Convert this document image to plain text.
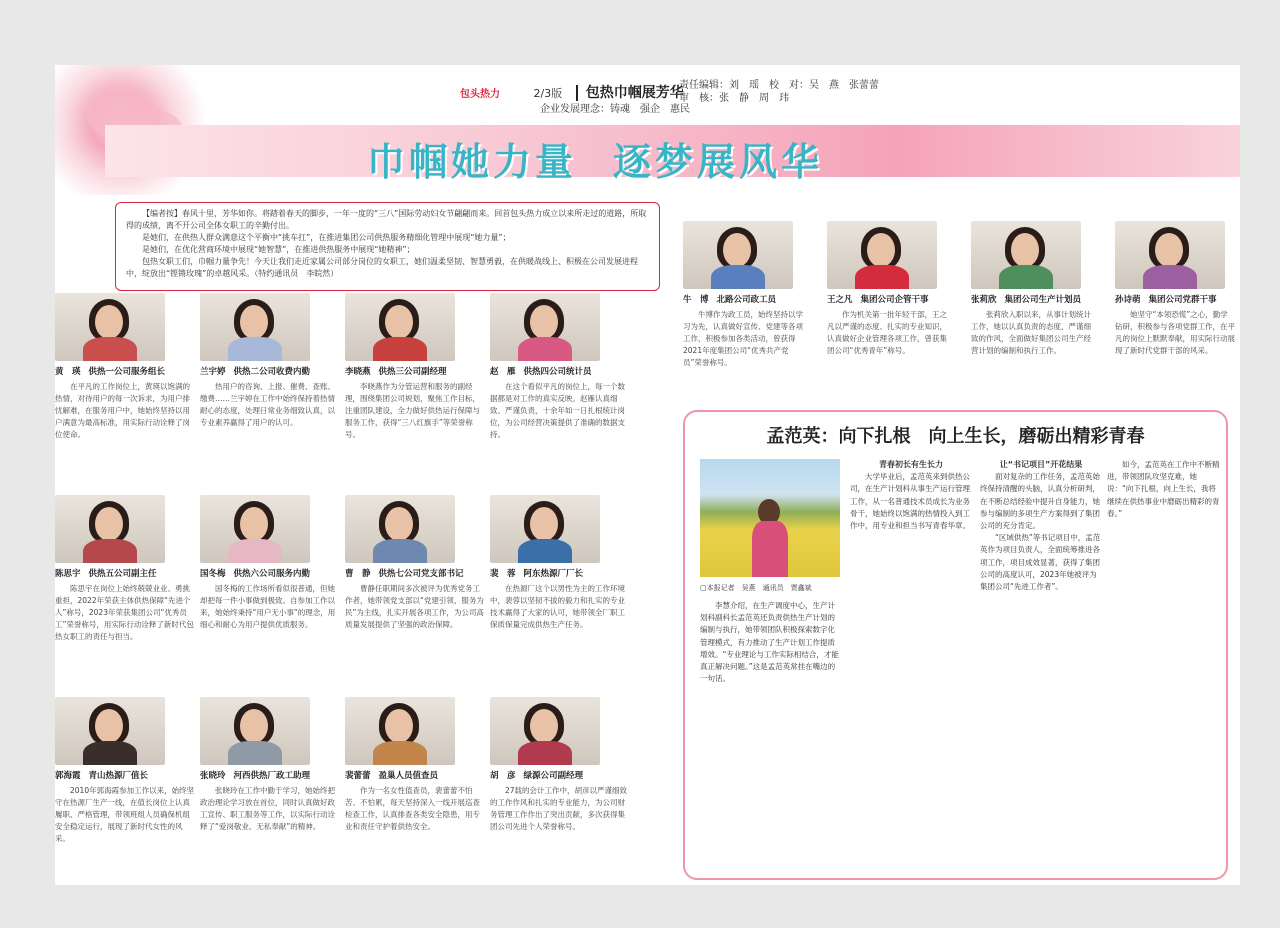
包头热力	2/3版 包热巾帼展芳华
企业发展理念：铸魂　强企　惠民
责任编辑：刘　瑶　校　对：吴　燕　张蕾蕾
审　核：张　静　周　玮
巾帼她力量 逐梦展风华

【编者按】春风十里，芳华如你。将踏着春天的脚步，一年一度的“三八”国际劳动妇女节翩翩而来。回首包头热力成立以来所走过的道路，所取得的成绩，离不开公司全体女职工的辛勤付出。

是她们，在供热人群众满意这个平衡中“挑车扛”，在推进集团公司供热服务精细化管理中展现“她力量”；

是她们，在优化营商环境中展现“她智慧”，在推进供热服务中展现“她精神”；

包热女职工们，巾帼力量争先！今天让我们走近家属公司部分岗位的女职工，她们温柔坚韧、智慧勇毅，在供暖战线上、积极在公司发展进程中，绽放出“铿锵玫瑰”的卓越风采。（特约通讯员　李皖然）

黄　瑛 供热一公司服务组长
在平凡的工作岗位上，黄瑛以饱满的热情，对待用户的每一次诉求，为用户排忧解难，在服务用户中，她始终坚持以用户满意为最高标准，用实际行动诠释了岗位使命。
兰宇婷 供热二公司收费内勤
热用户的咨询、上报、催费、查账、缴费……兰宇婷在工作中始终保持着热情耐心的态度，处理日常业务细致认真，以专业素养赢得了用户的认可。
李晓燕 供热三公司副经理
李晓燕作为分管运营和服务的副经理，围绕集团公司规划，聚焦工作目标，注重团队建设，全力做好供热运行保障与服务工作，获得“三八红旗手”等荣誉称号。
赵　雁 供热四公司统计员
在这个看似平凡的岗位上，每一个数据都是对工作的真实反映。赵雁认真细致、严谨负责，十余年如一日扎根统计岗位，为公司经营决策提供了准确的数据支持。
陈思宇 供热五公司副主任
陈思宇在岗位上始终兢兢业业、勇挑重担，2022年荣获主体供热保障“先进个人”称号，2023年荣获集团公司“优秀员工”荣誉称号，用实际行动诠释了新时代包热女职工的责任与担当。
国冬梅 供热六公司服务内勤
国冬梅的工作场所看似很普通，但她却把每一件小事做到极致。自参加工作以来，她始终秉持“用户无小事”的理念，用细心和耐心为用户提供优质服务。
曹　静 供热七公司党支部书记
曹静任职期间多次被评为优秀党务工作者，她带领党支部以“党建引领、服务为民”为主线，扎实开展各项工作，为公司高质量发展提供了坚强的政治保障。
裴　蓉 阿东热源厂厂长
在热源厂这个以男性为主的工作环境中，裴蓉以坚韧不拔的毅力和扎实的专业技术赢得了大家的认可，她带领全厂职工保质保量完成供热生产任务。
郭海霞 青山热源厂值长
2010年郭海霞参加工作以来，始终坚守在热源厂生产一线，在值长岗位上认真履职、严格管理，带领班组人员确保机组安全稳定运行，展现了新时代女性的风采。
张晓玲 河西供热厂政工助理
张晓玲在工作中勤于学习，她始终把政治理论学习放在首位，同时认真做好政工宣传、职工服务等工作，以实际行动诠释了“爱岗敬业、无私奉献”的精神。
裴蕾蕾 盈巢人员值查员
作为一名女性值查员，裴蕾蕾不怕苦、不怕累，每天坚持深入一线开展巡查检查工作，认真排查各类安全隐患，用专业和责任守护着供热安全。
胡　彦 绿源公司副经理
27载的会计工作中，胡彦以严谨细致的工作作风和扎实的专业能力，为公司财务管理工作作出了突出贡献，多次获得集团公司先进个人荣誉称号。
牛　博 北路公司政工员
牛博作为政工员，始终坚持以学习为先，认真做好宣传、党建等各项工作，积极参加各类活动，曾获得2021年度集团公司“优秀共产党员”荣誉称号。
王之凡 集团公司企管干事
作为机关第一批年轻干部，王之凡以严谨的态度、扎实的专业知识，认真做好企业管理各项工作，曾获集团公司“优秀青年”称号。
张莉欣 集团公司生产计划员
张莉欣入职以来，从事计划统计工作，她以认真负责的态度，严谨细致的作风，全面做好集团公司生产经营计划的编制和执行工作。
孙诗萌 集团公司党群干事
她坚守“本领恐慌”之心，勤学钻研，积极参与各项党群工作，在平凡的岗位上默默奉献，用实际行动展现了新时代党群干部的风采。
孟范英：向下扎根　向上生长，磨砺出精彩青春
▢本报记者　吴燕　通讯员　贾鑫斌

李慧介绍，在生产调度中心，生产计划科副科长孟范英还负责供热生产计划的编制与执行，她带领团队积极探索数字化管理模式，有力推动了生产计划工作提质增效。“专业理论与工作实际相结合，才能真正解决问题。”这是孟范英常挂在嘴边的一句话。

青春初长有生长力

大学毕业后，孟范英来到供热公司，在生产计划科从事生产运行管理工作，从一名普通技术员成长为业务骨干，她始终以饱满的热情投入到工作中，用专业和担当书写青春华章。

让“书记项目”开花结果

面对复杂的工作任务，孟范英始终保持清醒的头脑，认真分析研判，在不断总结经验中提升自身能力，她参与编制的多项生产方案得到了集团公司的充分肯定。

“区域供热”等书记项目中，孟范英作为项目负责人，全面统筹推进各项工作，项目成效显著，获得了集团公司的高度认可，2023年她被评为集团公司“先进工作者”。

如今，孟范英在工作中不断精进，带领团队攻坚克难，她说：“向下扎根，向上生长，我将继续在供热事业中磨砺出精彩的青春。”
